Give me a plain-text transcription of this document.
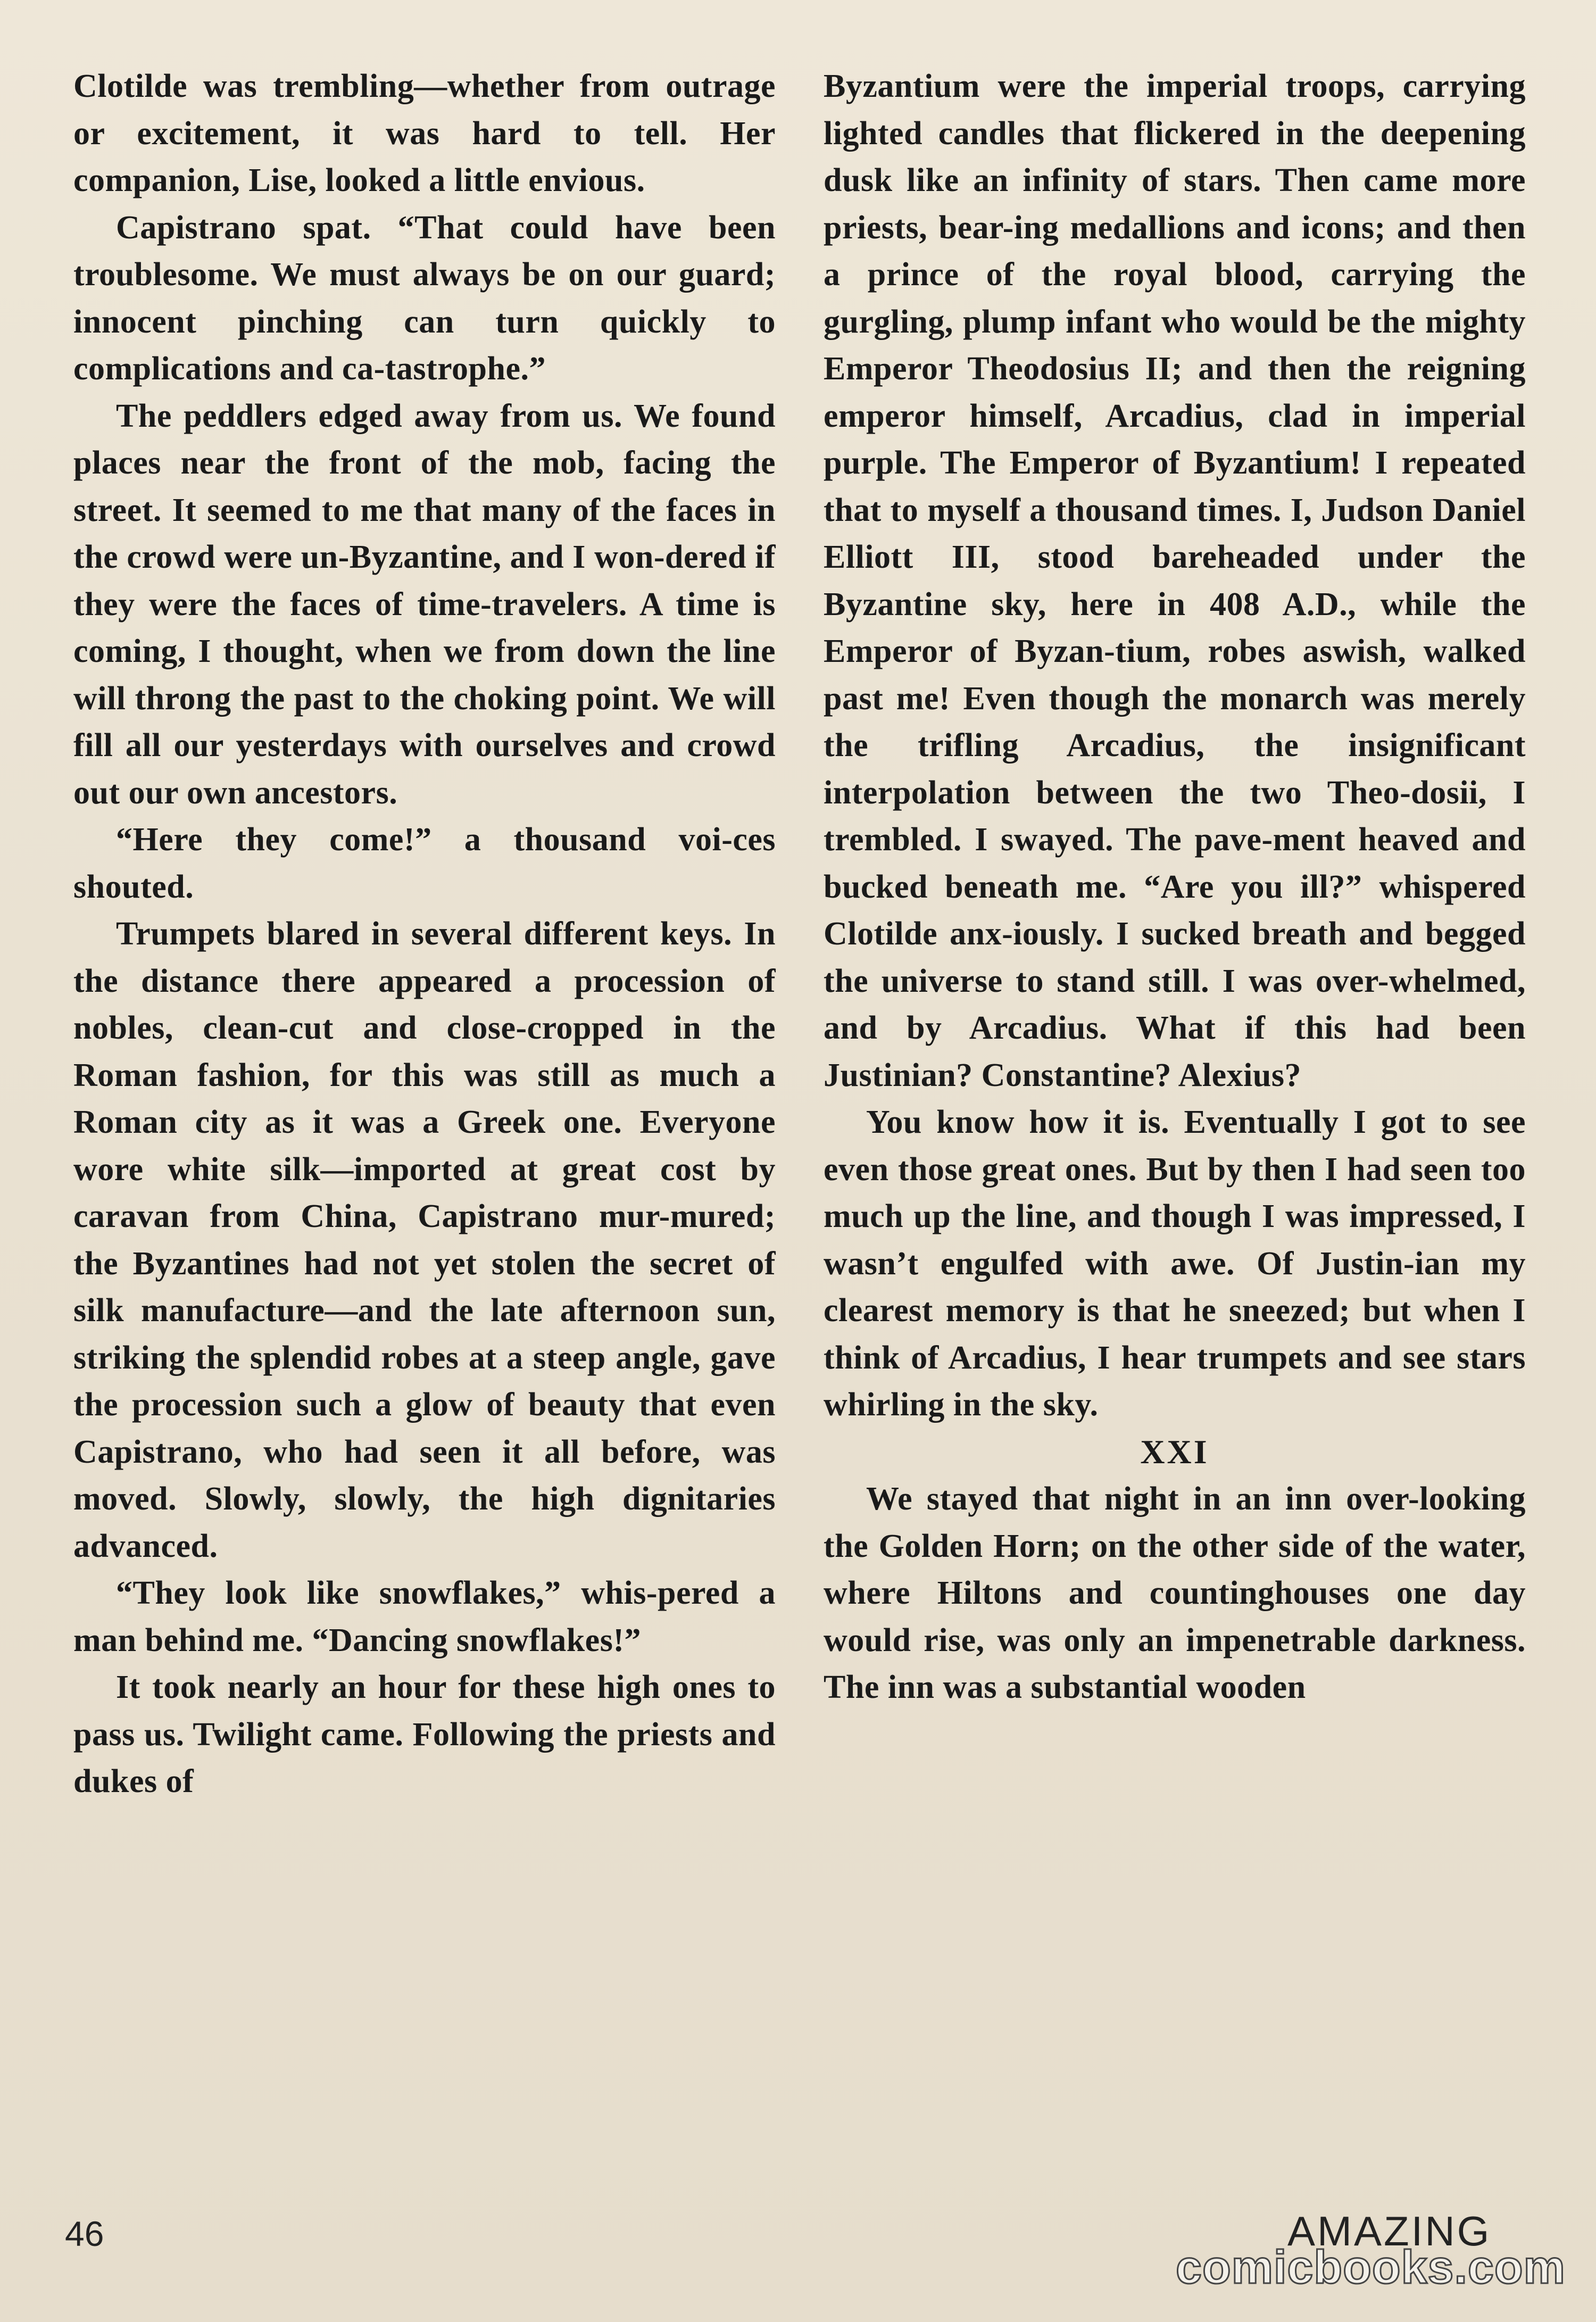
Clotilde was trembling—whether from outrage or excitement, it was hard to tell. Her companion, Lise, looked a little envious.

Capistrano spat. “That could have been troublesome. We must always be on our guard; innocent pinching can turn quickly to complications and ca-tastrophe.”

The peddlers edged away from us. We found places near the front of the mob, facing the street. It seemed to me that many of the faces in the crowd were un-Byzantine, and I won-dered if they were the faces of time-travelers. A time is coming, I thought, when we from down the line will throng the past to the choking point. We will fill all our yesterdays with ourselves and crowd out our own ancestors.

“Here they come!” a thousand voi-ces shouted.

Trumpets blared in several different keys. In the distance there appeared a procession of nobles, clean-cut and close-cropped in the Roman fashion, for this was still as much a Roman city as it was a Greek one. Everyone wore white silk—imported at great cost by caravan from China, Capistrano mur-mured; the Byzantines had not yet stolen the secret of silk manufacture—and the late afternoon sun, striking the splendid robes at a steep angle, gave the procession such a glow of beauty that even Capistrano, who had seen it all before, was moved. Slowly, slowly, the high dignitaries advanced.

“They look like snowflakes,” whis-pered a man behind me. “Dancing snowflakes!”

It took nearly an hour for these high ones to pass us. Twilight came. Following the priests and dukes of

Byzantium were the imperial troops, carrying lighted candles that flickered in the deepening dusk like an infinity of stars. Then came more priests, bear-ing medallions and icons; and then a prince of the royal blood, carrying the gurgling, plump infant who would be the mighty Emperor Theodosius II; and then the reigning emperor himself, Arcadius, clad in imperial purple. The Emperor of Byzantium! I repeated that to myself a thousand times. I, Judson Daniel Elliott III, stood bareheaded under the Byzantine sky, here in 408 A.D., while the Emperor of Byzan-tium, robes aswish, walked past me! Even though the monarch was merely the trifling Arcadius, the insignificant interpolation between the two Theo-dosii, I trembled. I swayed. The pave-ment heaved and bucked beneath me. “Are you ill?” whispered Clotilde anx-iously. I sucked breath and begged the universe to stand still. I was over-whelmed, and by Arcadius. What if this had been Justinian? Constantine? Alexius?

You know how it is. Eventually I got to see even those great ones. But by then I had seen too much up the line, and though I was impressed, I wasn’t engulfed with awe. Of Justin-ian my clearest memory is that he sneezed; but when I think of Arcadius, I hear trumpets and see stars whirling in the sky.

XXI

We stayed that night in an inn over-looking the Golden Horn; on the other side of the water, where Hiltons and countinghouses one day would rise, was only an impenetrable darkness. The inn was a substantial wooden

46	AMAZING
comicbooks.com
